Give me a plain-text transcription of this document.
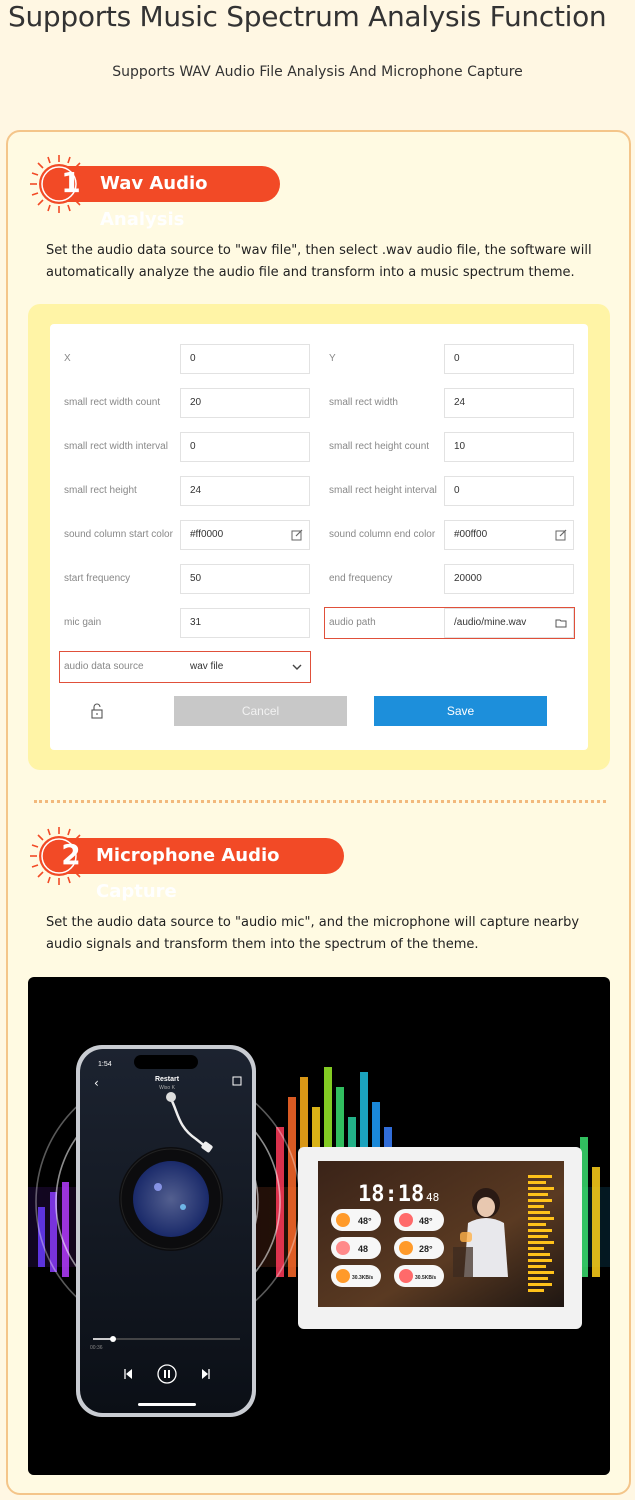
Supports Music Spectrum Analysis Function
Supports WAV Audio File Analysis And Microphone Capture
1	Wav Audio Analysis
Set the audio data source to "wav file", then select .wav audio file, the software will automatically analyze the audio file and transform into a music spectrum theme.
X	0	Y	0
small rect width count	20	small rect width	24
small rect width interval	0	small rect height count	10
small rect height	24	small rect height interval	0
sound column start color	#ff0000	sound column end color	#00ff00
start frequency	50	end frequency	20000
mic gain	31	audio path	/audio/mine.wav
audio data source	wav file
Cancel	Save
2 Microphone Audio Capture
Set the audio data source to "audio mic", and the microphone will capture nearby audio signals and transform them into the spectrum of the theme.
1:54
Restart
Wiso K
‹
00:36
18:18 48
48°	48°
48	28°
30.3KB/s	30.5KB/s
